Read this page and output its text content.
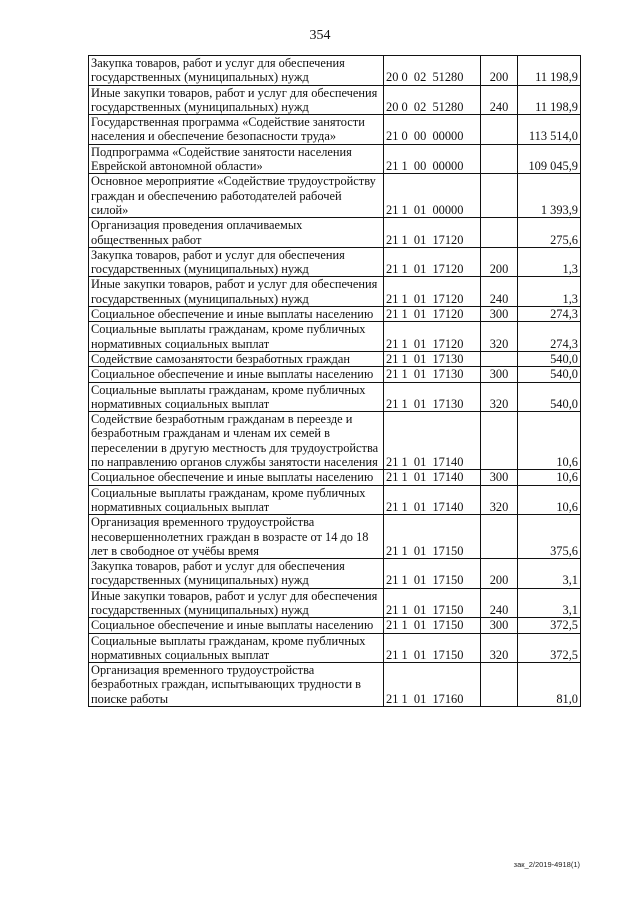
354
Закупка товаров, работ и услуг для обеспечения государственных (муниципальных) нужд	20 0  02  51280	200	11 198,9
Иные закупки товаров, работ и услуг для обеспечения государственных (муниципальных) нужд	20 0  02  51280	240	11 198,9
Государственная программа «Содействие занятости населения и обеспечение безопасности труда»	21 0  00  00000		113 514,0
Подпрограмма «Содействие занятости населения Еврейской автономной области»	21 1  00  00000		109 045,9
Основное мероприятие «Содействие трудоустройству граждан и обеспечению работодателей рабочей силой»	21 1  01  00000		1 393,9
Организация проведения оплачиваемых общественных работ	21 1  01  17120		275,6
Закупка товаров, работ и услуг для обеспечения государственных (муниципальных) нужд	21 1  01  17120	200	1,3
Иные закупки товаров, работ и услуг для обеспечения государственных (муниципальных) нужд	21 1  01  17120	240	1,3
Социальное обеспечение и иные выплаты населению	21 1  01  17120	300	274,3
Социальные выплаты гражданам, кроме публичных нормативных социальных выплат	21 1  01  17120	320	274,3
Содействие самозанятости безработных граждан	21 1  01  17130		540,0
Социальное обеспечение и иные выплаты населению	21 1  01  17130	300	540,0
Социальные выплаты гражданам, кроме публичных нормативных социальных выплат	21 1  01  17130	320	540,0
Содействие безработным гражданам в переезде и безработным гражданам и членам их семей в переселении в другую местность для трудоустройства по направлению органов службы занятости населения	21 1  01  17140		10,6
Социальное обеспечение и иные выплаты населению	21 1  01  17140	300	10,6
Социальные выплаты гражданам, кроме публичных нормативных социальных выплат	21 1  01  17140	320	10,6
Организация временного трудоустройства несовершеннолетних граждан в возрасте от 14 до 18 лет в свободное от учёбы время	21 1  01  17150		375,6
Закупка товаров, работ и услуг для обеспечения государственных (муниципальных) нужд	21 1  01  17150	200	3,1
Иные закупки товаров, работ и услуг для обеспечения государственных (муниципальных) нужд	21 1  01  17150	240	3,1
Социальное обеспечение и иные выплаты населению	21 1  01  17150	300	372,5
Социальные выплаты гражданам, кроме публичных нормативных социальных выплат	21 1  01  17150	320	372,5
Организация временного трудоустройства безработных граждан, испытывающих трудности в поиске работы	21 1  01  17160		81,0
зак_2/2019-4918(1)
